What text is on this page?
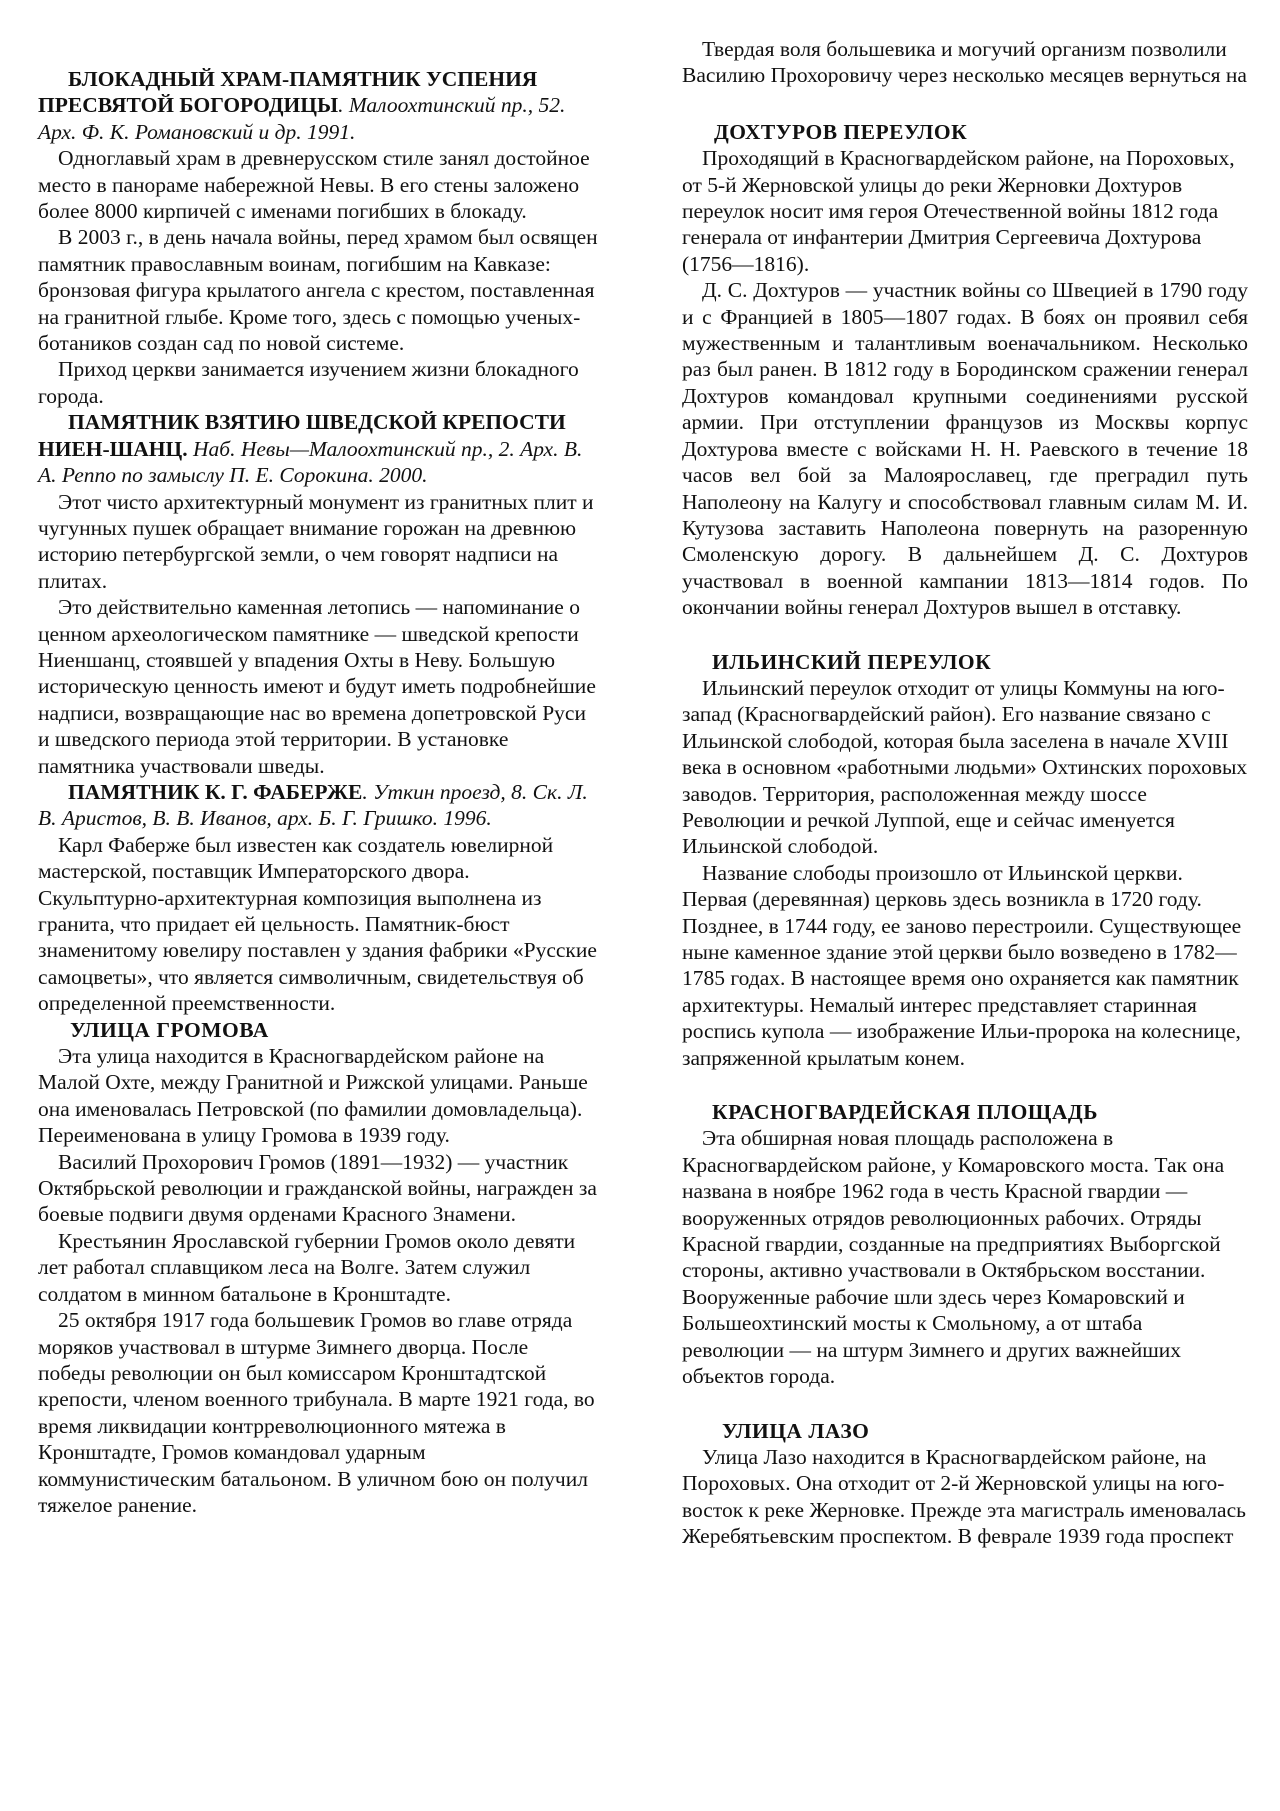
БЛОКАДНЫЙ ХРАМ-ПАМЯТНИК УСПЕНИЯ ПРЕСВЯТОЙ БОГОРОДИЦЫ. Малоохтинский пр., 52. Арх. Ф. К. Романовский и др. 1991.

Одноглавый храм в древнерусском стиле занял достойное место в панораме набережной Невы. В его стены заложено более 8000 кирпичей с именами погибших в блокаду.

В 2003 г., в день начала войны, перед храмом был освящен памятник православным воинам, погибшим на Кавказе: бронзовая фигура крылатого ангела с крестом, поставленная на гранитной глыбе. Кроме того, здесь с помощью ученых-ботаников создан сад по новой системе.

Приход церкви занимается изучением жизни блокадного города.

ПАМЯТНИК ВЗЯТИЮ ШВЕДСКОЙ КРЕПОСТИ НИЕН-ШАНЦ. Наб. Невы—Малоохтинский пр., 2. Арх. В. А. Реппо по замыслу П. Е. Сорокина. 2000.

Этот чисто архитектурный монумент из гранитных плит и чугунных пушек обращает внимание горожан на древнюю историю петербургской земли, о чем говорят надписи на плитах.

Это действительно каменная летопись — напоминание о ценном археологическом памятнике — шведской крепости Ниеншанц, стоявшей у впадения Охты в Неву. Большую историческую ценность имеют и будут иметь подробнейшие надписи, возвращающие нас во времена допетровской Руси и шведского периода этой территории. В установке памятника участвовали шведы.

ПАМЯТНИК К. Г. ФАБЕРЖЕ. Уткин проезд, 8. Ск. Л. В. Аристов, В. В. Иванов, арх. Б. Г. Гришко. 1996.

Карл Фаберже был известен как создатель ювелирной мастерской, поставщик Императорского двора. Скульптурно-архитектурная композиция выполнена из гранита, что придает ей цельность. Памятник-бюст знаменитому ювелиру поставлен у здания фабрики «Русские самоцветы», что является символичным, свидетельствуя об определенной преемственности.

УЛИЦА ГРОМОВА

Эта улица находится в Красногвардейском районе на Малой Охте, между Гранитной и Рижской улицами. Раньше она именовалась Петровской (по фамилии домовладельца). Переименована в улицу Громова в 1939 году.

Василий Прохорович Громов (1891—1932) — участник Октябрьской революции и гражданской войны, награжден за боевые подвиги двумя орденами Красного Знамени.

Крестьянин Ярославской губернии Громов около девяти лет работал сплавщиком леса на Волге. Затем служил солдатом в минном батальоне в Кронштадте.

25 октября 1917 года большевик Громов во главе отряда моряков участвовал в штурме Зимнего дворца. После победы революции он был комиссаром Кронштадтской крепости, членом военного трибунала. В марте 1921 года, во время ликвидации контрреволюционного мятежа в Кронштадте, Громов командовал ударным коммунистическим батальоном. В уличном бою он получил тяжелое ранение.

Твердая воля большевика и могучий организм позволили Василию Прохоровичу через несколько месяцев вернуться на

ДОХТУРОВ ПЕРЕУЛОК

Проходящий в Красногвардейском районе, на Пороховых, от 5-й Жерновской улицы до реки Жерновки Дохтуров переулок носит имя героя Отечественной войны 1812 года генерала от инфантерии Дмитрия Сергеевича Дохтурова (1756—1816).

Д. С. Дохтуров — участник войны со Швецией в 1790 году и с Францией в 1805—1807 годах. В боях он проявил себя мужественным и талантливым военачальником. Несколько раз был ранен. В 1812 году в Бородинском сражении генерал Дохтуров командовал крупными соединениями русской армии. При отступлении французов из Москвы корпус Дохтурова вместе с войсками Н. Н. Раевского в течение 18 часов вел бой за Малоярославец, где преградил путь Наполеону на Калугу и способствовал главным силам М. И. Кутузова заставить Наполеона повернуть на разоренную Смоленскую дорогу. В дальнейшем Д. С. Дохтуров участвовал в военной кампании 1813—1814 годов. По окончании войны генерал Дохтуров вышел в отставку.

ИЛЬИНСКИЙ ПЕРЕУЛОК

Ильинский переулок отходит от улицы Коммуны на юго-запад (Красногвардейский район). Его название связано с Ильинской слободой, которая была заселена в начале XVIII века в основном «работными людьми» Охтинских пороховых заводов. Территория, расположенная между шоссе Революции и речкой Луппой, еще и сейчас именуется Ильинской слободой.

Название слободы произошло от Ильинской церкви. Первая (деревянная) церковь здесь возникла в 1720 году. Позднее, в 1744 году, ее заново перестроили. Существующее ныне каменное здание этой церкви было возведено в 1782—1785 годах. В настоящее время оно охраняется как памятник архитектуры. Немалый интерес представляет старинная роспись купола — изображение Ильи-пророка на колеснице, запряженной крылатым конем.

КРАСНОГВАРДЕЙСКАЯ ПЛОЩАДЬ

Эта обширная новая площадь расположена в Красногвардейском районе, у Комаровского моста. Так она названа в ноябре 1962 года в честь Красной гвардии — вооруженных отрядов революционных рабочих. Отряды Красной гвардии, созданные на предприятиях Выборгской стороны, активно участвовали в Октябрьском восстании. Вооруженные рабочие шли здесь через Комаровский и Большеохтинский мосты к Смольному, а от штаба революции — на штурм Зимнего и других важнейших объектов города.

УЛИЦА ЛАЗО

Улица Лазо находится в Красногвардейском районе, на Пороховых. Она отходит от 2-й Жерновской улицы на юго-восток к реке Жерновке. Прежде эта магистраль именовалась Жеребятьевским проспектом. В феврале 1939 года проспект
